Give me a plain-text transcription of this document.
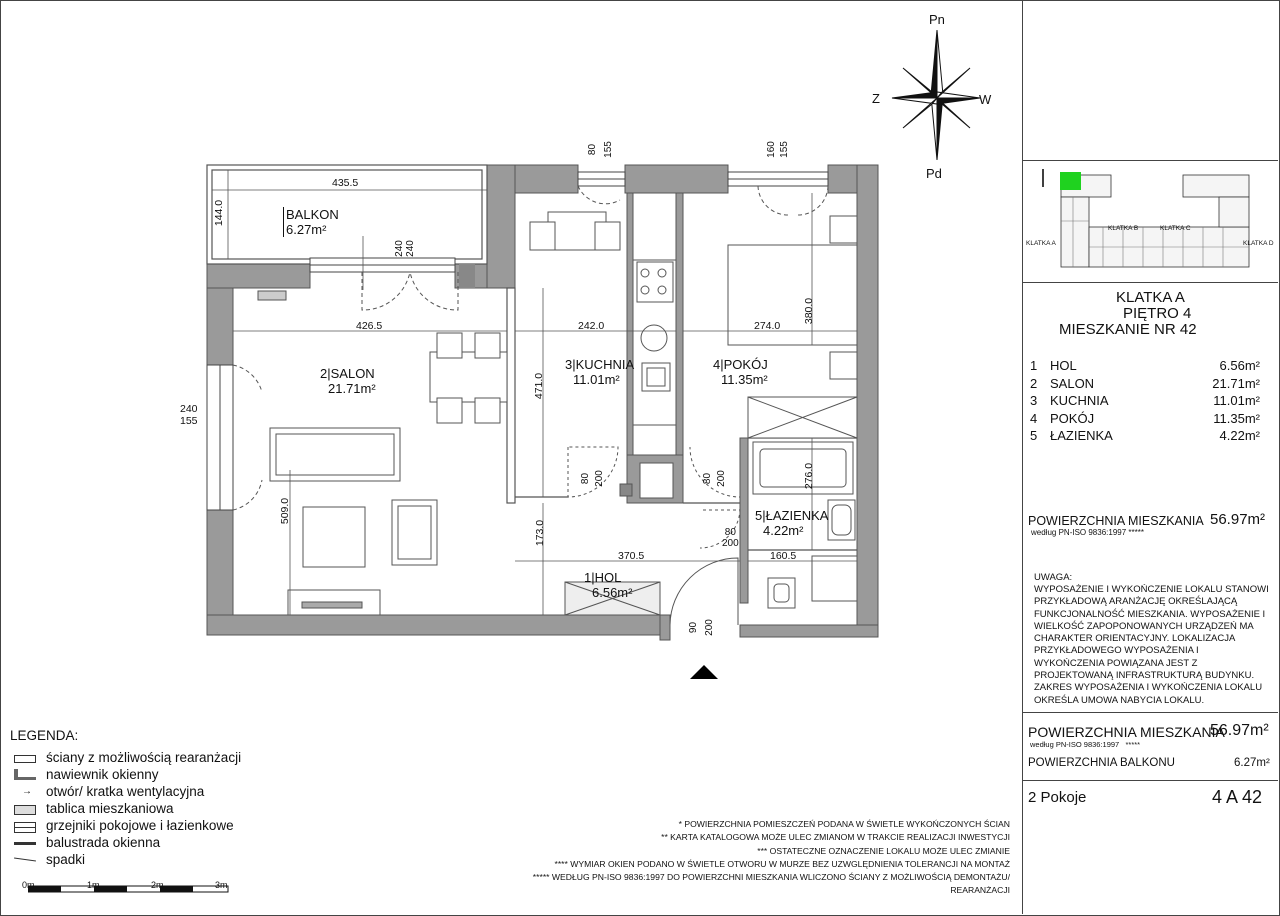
BALKON
6.27m²
2|SALON
21.71m²
3|KUCHNIA
11.01m²
4|POKÓJ
11.35m²
5|ŁAZIENKA
4.22m²
1|HOL
6.56m²
435.5
144.0
240 240
426.5	242.0	274.0
471.0
380.0
276.0
509.0
370.5
173.0
160.5
240
155
80 155	160 155
80 200	80 200
80
200
90 200
Pn
Pd
Z	W
KLATKA A
KLATKA B	KLATKA C
KLATKA D
KLATKA A
PIĘTRO 4
MIESZKANIE NR 42
1 HOL	6.56m²
2 SALON	21.71m²
3 KUCHNIA	11.01m²
4 POKÓJ	11.35m²
5 ŁAZIENKA	4.22m²
POWIERZCHNIA MIESZKANIA
według PN-ISO 9836:1997 *****
56.97m²
UWAGA:
WYPOSAŻENIE I WYKOŃCZENIE LOKALU STANOWI PRZYKŁADOWĄ ARANŻACJĘ OKREŚLAJĄCĄ FUNKCJONALNOŚĆ MIESZKANIA. WYPOSAŻENIE I WIELKOŚĆ ZAPOPONOWANYCH URZĄDZEŃ MA CHARAKTER ORIENTACYJNY. LOKALIZACJA PRZYKŁADOWEGO WYPOSAŻENIA I WYKOŃCZENIA POWIĄZANA JEST Z PROJEKTOWANĄ INFRASTRUKTURĄ BUDYNKU. ZAKRES WYPOSAŻENIA I WYKOŃCZENIA LOKALU OKREŚLA UMOWA NABYCIA LOKALU.
POWIERZCHNIA MIESZKANIA
56.97m²
według PN-ISO 9836:1997 *****
POWIERZCHNIA BALKONU	6.27m²
2 Pokoje	4 A 42
LEGENDA:
ściany z możliwością rearanżacji
nawiewnik okienny
→ otwór/ kratka wentylacyjna
tablica mieszkaniowa
grzejniki pokojowe i łazienkowe
balustrada okienna
spadki
0m	1m	2m	3m
* POWIERZCHNIA POMIESZCZEŃ PODANA W ŚWIETLE WYKOŃCZONYCH ŚCIAN
** KARTA KATALOGOWA MOŻE ULEC ZMIANOM W TRAKCIE REALIZACJI INWESTYCJI
*** OSTATECZNE OZNACZENIE LOKALU MOŻE ULEC ZMIANIE
**** WYMIAR OKIEN PODANO W ŚWIETLE OTWORU W MURZE BEZ UZWGLĘDNIENIA TOLERANCJI NA MONTAŻ
***** WEDŁUG PN-ISO 9836:1997 DO POWIERZCHNI MIESZKANIA WLICZONO ŚCIANY Z MOŻLIWOŚCIĄ DEMONTAŻU/
REARANŻACJI
